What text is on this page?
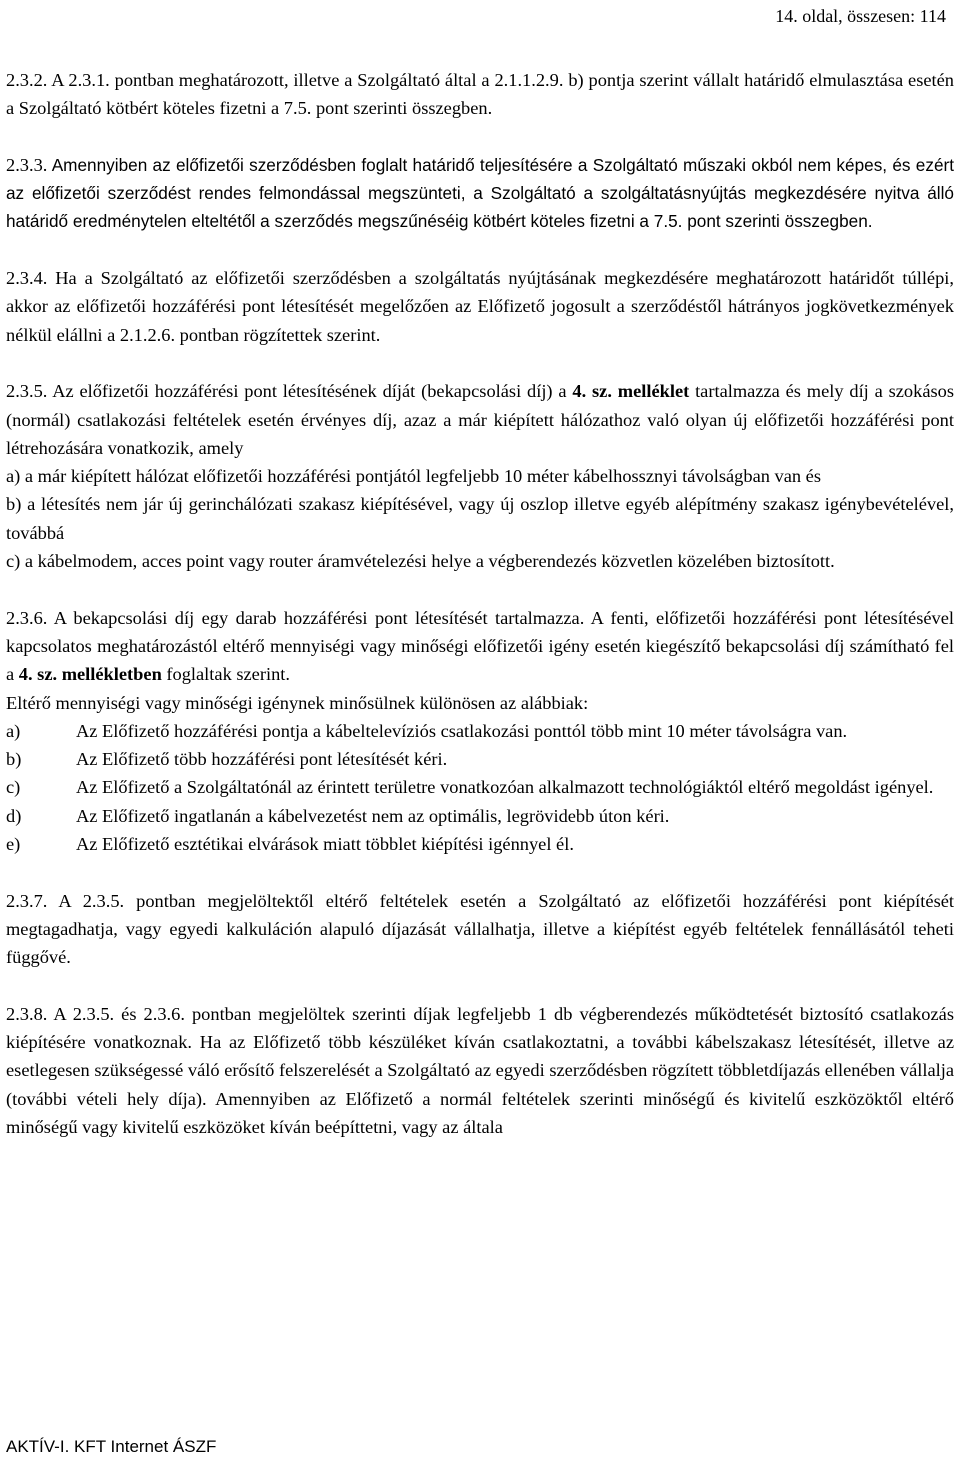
14. oldal, összesen: 114

2.3.2. A 2.3.1. pontban meghatározott, illetve a Szolgáltató által a 2.1.1.2.9. b) pontja szerint vállalt határidő elmulasztása esetén a Szolgáltató kötbért köteles fizetni a 7.5. pont szerinti összegben.

2.3.3. Amennyiben az előfizetői szerződésben foglalt határidő teljesítésére a Szolgáltató műszaki okból nem képes, és ezért az előfizetői szerződést rendes felmondással megszünteti, a Szolgáltató a szolgáltatásnyújtás megkezdésére nyitva álló határidő eredménytelen elteltétől a szerződés megszűnéséig kötbért köteles fizetni a 7.5. pont szerinti összegben.

2.3.4. Ha a Szolgáltató az előfizetői szerződésben a szolgáltatás nyújtásának megkezdésére meghatározott határidőt túllépi, akkor az előfizetői hozzáférési pont létesítését megelőzően az Előfizető jogosult a szerződéstől hátrányos jogkövetkezmények nélkül elállni a 2.1.2.6. pontban rögzítettek szerint.

2.3.5. Az előfizetői hozzáférési pont létesítésének díját (bekapcsolási díj) a 4. sz. melléklet tartalmazza és mely díj a szokásos (normál) csatlakozási feltételek esetén érvényes díj, azaz a már kiépített hálózathoz való olyan új előfizetői hozzáférési pont létrehozására vonatkozik, amely

a) a már kiépített hálózat előfizetői hozzáférési pontjától legfeljebb 10 méter kábelhossznyi távolságban van és

b) a létesítés nem jár új gerinchálózati szakasz kiépítésével, vagy új oszlop illetve egyéb alépítmény szakasz igénybevételével, továbbá

c) a kábelmodem, acces point vagy router áramvételezési helye a végberendezés közvetlen közelében biztosított.

2.3.6. A bekapcsolási díj egy darab hozzáférési pont létesítését tartalmazza. A fenti, előfizetői hozzáférési pont létesítésével kapcsolatos meghatározástól eltérő mennyiségi vagy minőségi előfizetői igény esetén kiegészítő bekapcsolási díj számítható fel a 4. sz. mellékletben foglaltak szerint.

Eltérő mennyiségi vagy minőségi igénynek minősülnek különösen az alábbiak:

a)	Az Előfizető hozzáférési pontja a kábeltelevíziós csatlakozási ponttól több mint 10 méter távolságra van.
b)	Az Előfizető több hozzáférési pont létesítését kéri.
c)	Az Előfizető a Szolgáltatónál az érintett területre vonatkozóan alkalmazott technológiáktól eltérő megoldást igényel.
d)	Az Előfizető ingatlanán a kábelvezetést nem az optimális, legrövidebb úton kéri.
e)	Az Előfizető esztétikai elvárások miatt többlet kiépítési igénnyel él.

2.3.7. A 2.3.5. pontban megjelöltektől eltérő feltételek esetén a Szolgáltató az előfizetői hozzáférési pont kiépítését megtagadhatja, vagy egyedi kalkuláción alapuló díjazását vállalhatja, illetve a kiépítést egyéb feltételek fennállásától teheti függővé.

2.3.8. A 2.3.5. és 2.3.6. pontban megjelöltek szerinti díjak legfeljebb 1 db végberendezés működtetését biztosító csatlakozás kiépítésére vonatkoznak. Ha az Előfizető több készüléket kíván csatlakoztatni, a további kábelszakasz létesítését, illetve az esetlegesen szükségessé váló erősítő felszerelését a Szolgáltató az egyedi szerződésben rögzített többletdíjazás ellenében vállalja (további vételi hely díja). Amennyiben az Előfizető a normál feltételek szerinti minőségű és kivitelű eszközöktől eltérő minőségű vagy kivitelű eszközöket kíván beépíttetni, vagy az általa

AKTÍV-I. KFT Internet ÁSZF
